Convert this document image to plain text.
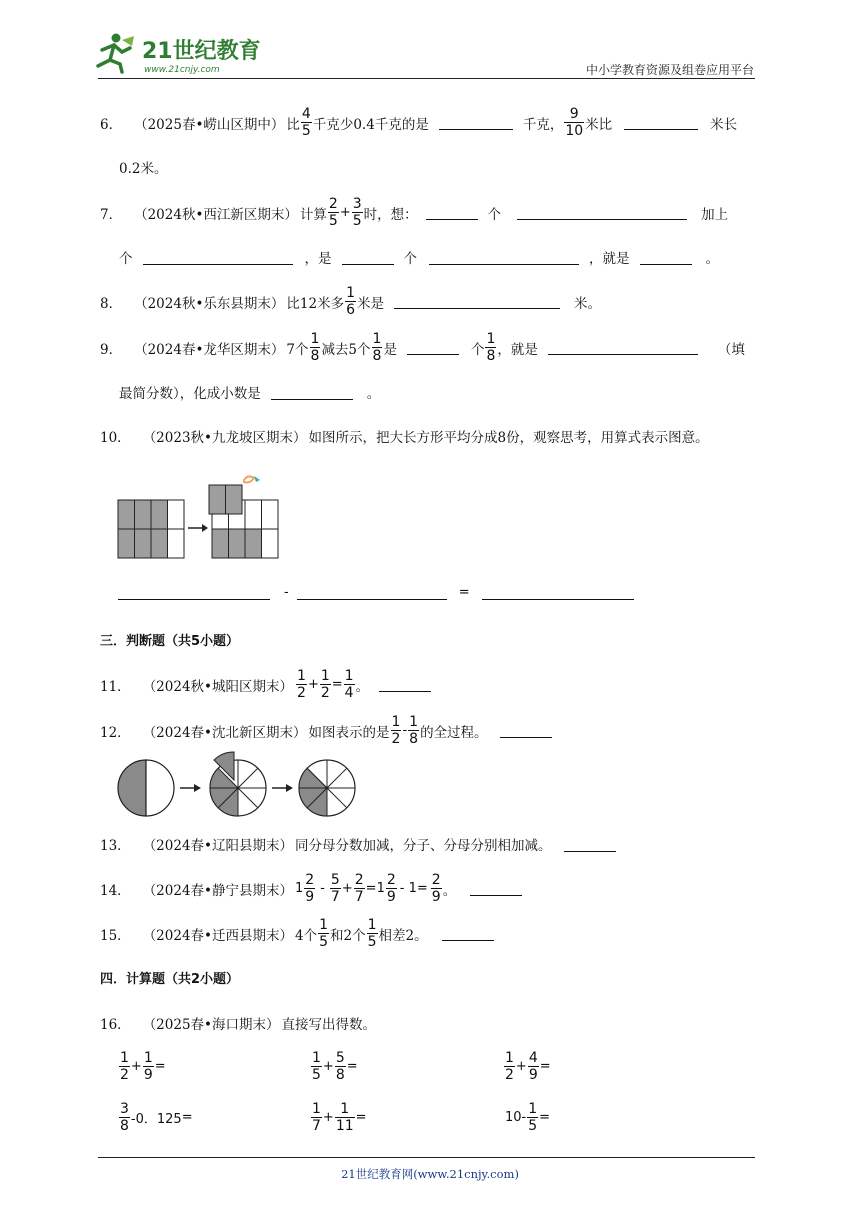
21世纪教育
www.21cnjy.com	中小学教育资源及组卷应用平台
6． （2025春•崂山区期中） 比 $\frac{4}{5}$ 千克少0.4千克的是	千克， $\frac{9}{10}$ 米比	米长
0.2米。
7． （2024秋•西江新区期末） 计算 $\frac{2}{5} + \frac{3}{5}$ 时，想：	个	加上
个	，是	个	，就是	。
8． （2024秋•乐东县期末） 比12米多 $\frac{1}{6}$ 米是	米。
9． （2024春•龙华区期末） 7个 $\frac{1}{8}$ 减去5个 $\frac{1}{8}$ 是	个 $\frac{1}{8}$ ，就是	（填
最简分数），化成小数是	。
10． （2023秋•九龙坡区期末） 如图所示，把大长方形平均分成8份，观察思考，用算式表示图意。
-	=
三．判断题（共5小题）
11． （2024秋•城阳区期末） $\frac{1}{2} + \frac{1}{2} = \frac{1}{4}$ 。
12． （2024春•沈北新区期末） 如图表示的是 $\frac{1}{2} - \frac{1}{8}$ 的全过程。
13． （2024春•辽阳县期末） 同分母分数加减，分子、分母分别相加减。
14． （2024春•静宁县期末） $1 \frac{2}{9} - \frac{5}{7} + \frac{2}{7} = 1 \frac{2}{9} - 1= \frac{2}{9}$ 。
15． （2024春•迁西县期末） 4个 $\frac{1}{5}$ 和2个 $\frac{1}{5}$ 相差2。
四．计算题（共2小题）
16． （2025春•海口期末） 直接写出得数。
$\frac{1}{2} + \frac{1}{9}$ =	$\frac{1}{5} + \frac{5}{8}$ =	$\frac{1}{2} + \frac{4}{9}$ =
$\frac{3}{8} -0$．125 =	$\frac{1}{7} + \frac{1}{11}$ =	$10- \frac{1}{5}$ =
21世纪教育网(www.21cnjy.com)
